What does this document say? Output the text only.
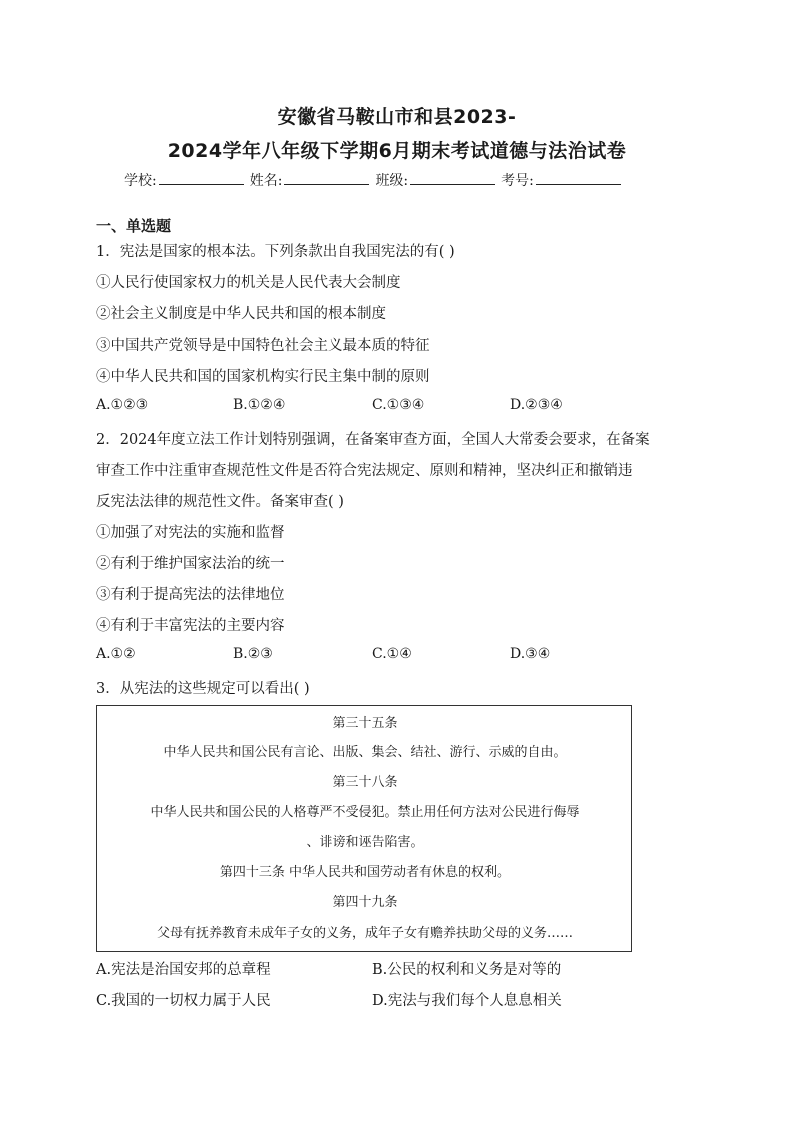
安徽省马鞍山市和县2023-
2024学年八年级下学期6月期末考试道德与法治试卷
学校:	姓名:	班级:	考号:
一、单选题
1．宪法是国家的根本法。下列条款出自我国宪法的有( )
①人民行使国家权力的机关是人民代表大会制度
②社会主义制度是中华人民共和国的根本制度
③中国共产党领导是中国特色社会主义最本质的特征
④中华人民共和国的国家机构实行民主集中制的原则
A.①②③	B.①②④	C.①③④	D.②③④
2．2024年度立法工作计划特别强调，在备案审查方面，全国人大常委会要求，在备案
审查工作中注重审查规范性文件是否符合宪法规定、原则和精神，坚决纠正和撤销违
反宪法法律的规范性文件。备案审查( )
①加强了对宪法的实施和监督
②有利于维护国家法治的统一
③有利于提高宪法的法律地位
④有利于丰富宪法的主要内容
A.①②	B.②③	C.①④	D.③④
3．从宪法的这些规定可以看出( )
第三十五条
中华人民共和国公民有言论、出版、集会、结社、游行、示威的自由。
第三十八条
中华人民共和国公民的人格尊严不受侵犯。禁止用任何方法对公民进行侮辱
、诽谤和诬告陷害。
第四十三条 中华人民共和国劳动者有休息的权利。
第四十九条
父母有抚养教育未成年子女的义务，成年子女有赡养扶助父母的义务……
A.宪法是治国安邦的总章程	B.公民的权利和义务是对等的
C.我国的一切权力属于人民	D.宪法与我们每个人息息相关
